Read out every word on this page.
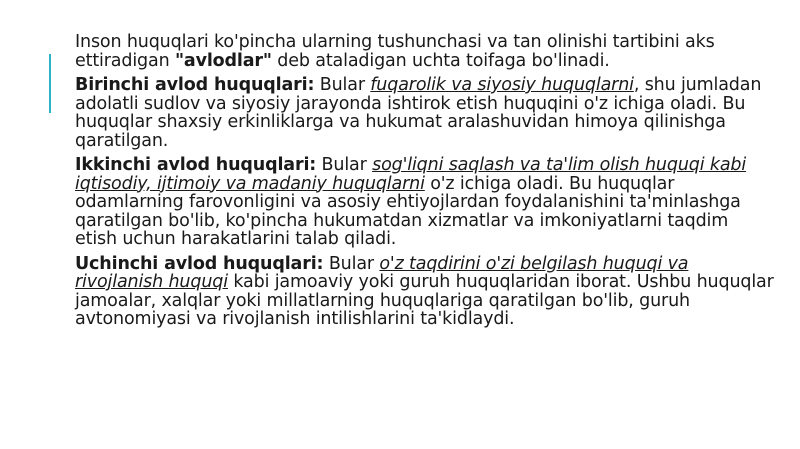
Inson huquqlari ko'pincha ularning tushunchasi va tan olinishi tartibini aks ettiradigan "avlodlar" deb ataladigan uchta toifaga bo'linadi.

Birinchi avlod huquqlari: Bular fuqarolik va siyosiy huquqlarni, shu jumladan adolatli sudlov va siyosiy jarayonda ishtirok etish huquqini o'z ichiga oladi. Bu huquqlar shaxsiy erkinliklarga va hukumat aralashuvidan himoya qilinishga qaratilgan.

Ikkinchi avlod huquqlari: Bular sog'liqni saqlash va ta'lim olish huquqi kabi iqtisodiy, ijtimoiy va madaniy huquqlarni o'z ichiga oladi. Bu huquqlar odamlarning farovonligini va asosiy ehtiyojlardan foydalanishini ta'minlashga qaratilgan bo'lib, ko'pincha hukumatdan xizmatlar va imkoniyatlarni taqdim etish uchun harakatlarini talab qiladi.

Uchinchi avlod huquqlari: Bular o'z taqdirini o'zi belgilash huquqi va rivojlanish huquqi kabi jamoaviy yoki guruh huquqlaridan iborat. Ushbu huquqlar jamoalar, xalqlar yoki millatlarning huquqlariga qaratilgan bo'lib, guruh avtonomiyasi va rivojlanish intilishlarini ta'kidlaydi.
